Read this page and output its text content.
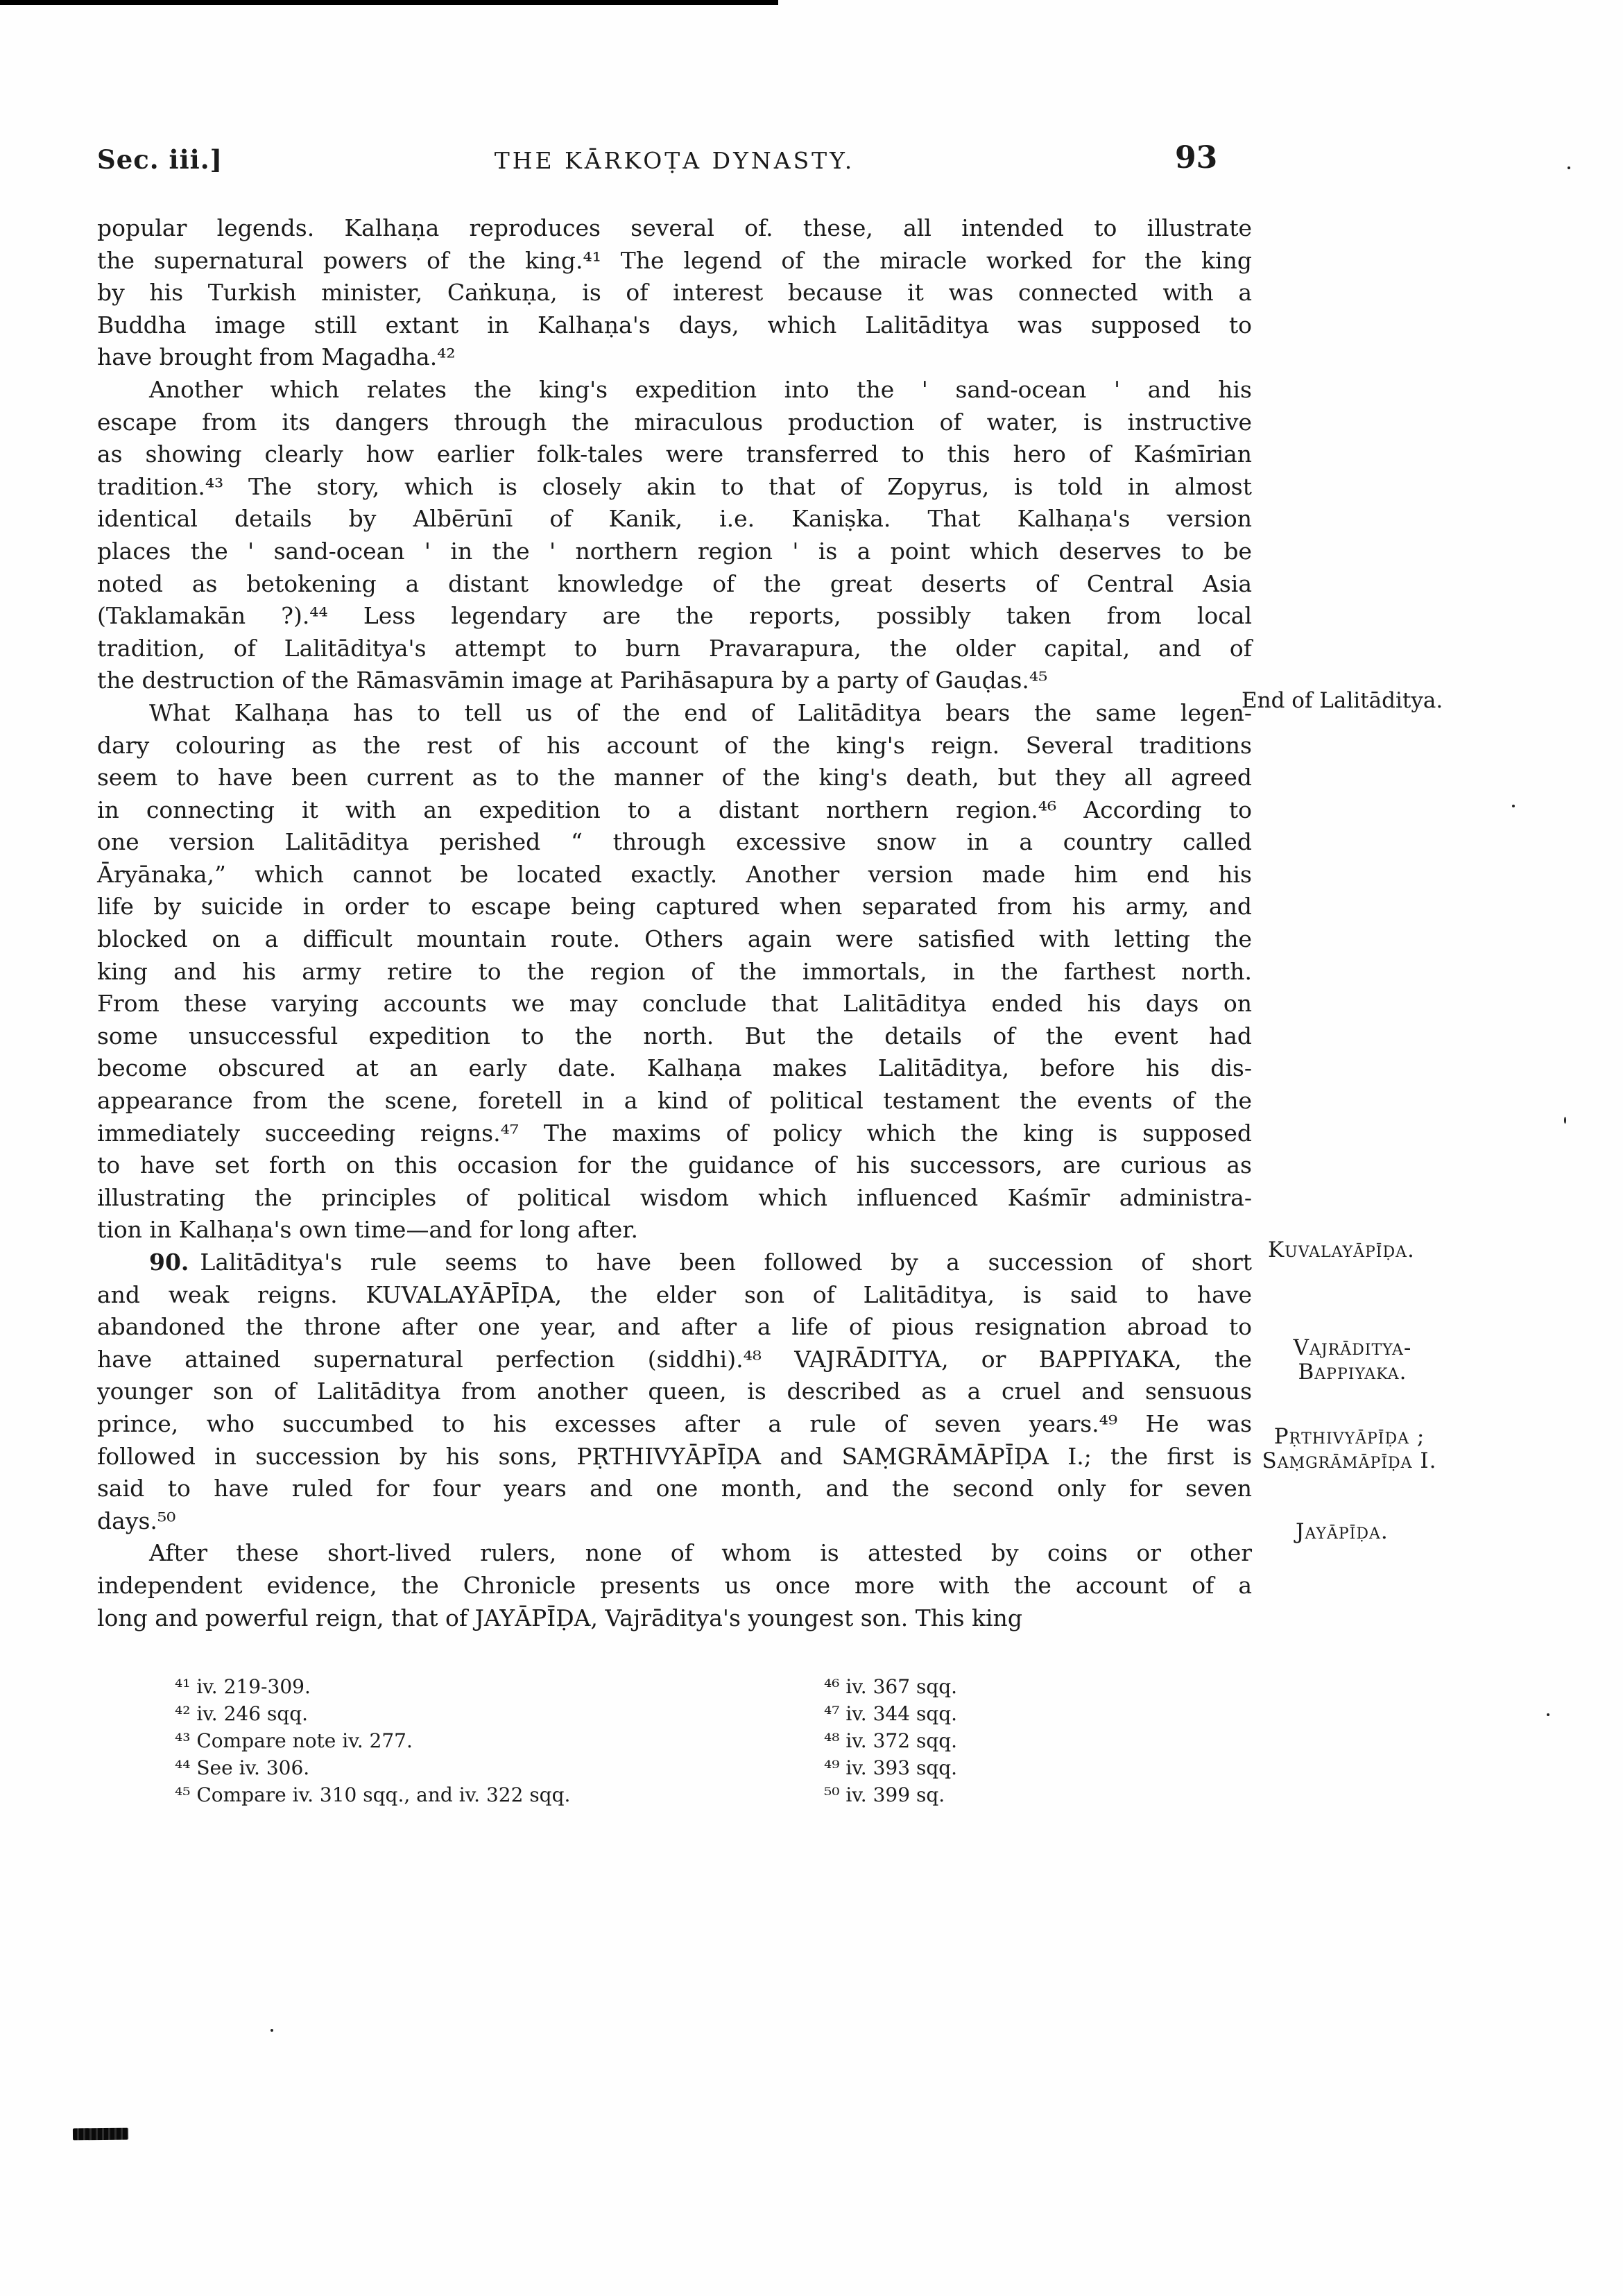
Sec. iii.]	THE KĀRKOṬA DYNASTY.	93
popular legends. Kalhaṇa reproduces several of. these, all intended to illustrate
the supernatural powers of the king.⁴¹ The legend of the miracle worked for the king
by his Turkish minister, Caṅkuṇa, is of interest because it was connected with a
Buddha image still extant in Kalhaṇa's days, which Lalitāditya was supposed to
have brought from Magadha.⁴²
Another which relates the king's expedition into the ' sand-ocean ' and his
escape from its dangers through the miraculous production of water, is instructive
as showing clearly how earlier folk-tales were transferred to this hero of Kaśmīrian
tradition.⁴³ The story, which is closely akin to that of Zopyrus, is told in almost
identical details by Albērūnī of Kanik, i.e. Kaniṣka. That Kalhaṇa's version
places the ' sand-ocean ' in the ' northern region ' is a point which deserves to be
noted as betokening a distant knowledge of the great deserts of Central Asia
(Taklamakān ?).⁴⁴ Less legendary are the reports, possibly taken from local
tradition, of Lalitāditya's attempt to burn Pravarapura, the older capital, and of
the destruction of the Rāmasvāmin image at Parihāsapura by a party of Gauḍas.⁴⁵
What Kalhaṇa has to tell us of the end of Lalitāditya bears the same legen-
dary colouring as the rest of his account of the king's reign. Several traditions
seem to have been current as to the manner of the king's death, but they all agreed
in connecting it with an expedition to a distant northern region.⁴⁶ According to
one version Lalitāditya perished “ through excessive snow in a country called
Āryānaka,” which cannot be located exactly. Another version made him end his
life by suicide in order to escape being captured when separated from his army, and
blocked on a difficult mountain route. Others again were satisfied with letting the
king and his army retire to the region of the immortals, in the farthest north.
From these varying accounts we may conclude that Lalitāditya ended his days on
some unsuccessful expedition to the north. But the details of the event had
become obscured at an early date. Kalhaṇa makes Lalitāditya, before his dis-
appearance from the scene, foretell in a kind of political testament the events of the
immediately succeeding reigns.⁴⁷ The maxims of policy which the king is supposed
to have set forth on this occasion for the guidance of his successors, are curious as
illustrating the principles of political wisdom which influenced Kaśmīr administra-
tion in Kalhaṇa's own time—and for long after.
90. Lalitāditya's rule seems to have been followed by a succession of short
and weak reigns. KUVALAYĀPĪḌA, the elder son of Lalitāditya, is said to have
abandoned the throne after one year, and after a life of pious resignation abroad to
have attained supernatural perfection (siddhi).⁴⁸ VAJRĀDITYA, or BAPPIYAKA, the
younger son of Lalitāditya from another queen, is described as a cruel and sensuous
prince, who succumbed to his excesses after a rule of seven years.⁴⁹ He was
followed in succession by his sons, PṚTHIVYĀPĪḌA and SAṂGRĀMĀPĪḌA I.; the first is
said to have ruled for four years and one month, and the second only for seven
days.⁵⁰
After these short-lived rulers, none of whom is attested by coins or other
independent evidence, the Chronicle presents us once more with the account of a
long and powerful reign, that of JAYĀPĪḌA, Vajrāditya's youngest son. This king
End of Lalitāditya.
Kuvalayāpīḍa.
Vajrāditya-
Bappiyaka.
Pṛthivyāpīḍa ;
Saṃgrāmāpīḍa I.
Jayāpīḍa.
⁴¹ iv. 219-309.
⁴² iv. 246 sqq.
⁴³ Compare note iv. 277.
⁴⁴ See iv. 306.
⁴⁵ Compare iv. 310 sqq., and iv. 322 sqq.
⁴⁶ iv. 367 sqq.
⁴⁷ iv. 344 sqq.
⁴⁸ iv. 372 sqq.
⁴⁹ iv. 393 sqq.
⁵⁰ iv. 399 sq.
